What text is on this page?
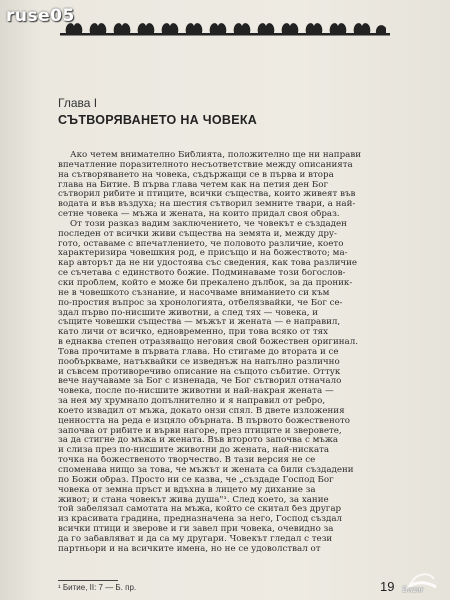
ruse05
Глава I
СЪТВОРЯВАНЕТО НА ЧОВЕКА
Ако четем внимателно Библията, положително ще ни направи
впечатление поразителното несъответствие между описанията
на сътворяването на човека, съдържащи се в първа и втора
глава на Битие. В първа глава четем как на петия ден Бог
сътворил рибите и птиците, всички същества, които живеят във
водата и във въздуха; на шестия сътворил земните твари, а най-
сетне човека — мъжа и жената, на които придал своя образ.
От този разказ вадим заключението, че човекът е създаден
последен от всички живи същества на земята и, между дру-
гото, оставаме с впечатлението, че половото различие, което
характеризира човешкия род, е присъщо и на божеството; ма-
кар авторът да не ни удостоява със сведения, как това различие
се съчетава с единството божие. Подминаваме този богослов-
ски проблем, който е може би прекалено дълбок, за да проник-
не в човешкото съзнание, и насочваме вниманието си към
по-простия въпрос за хронологията, отбелязвайки, че Бог се-
здал първо по-нисшите животни, а след тях — човека, и
същите човешки същества — мъжът и жената — е направил,
като личи от всичко, едновременно, при това всяко от тях
в еднаква степен отразяващо неговия свой божествен оригинал.
Това прочитаме в първата глава. Но стигаме до втората и се
пообъркваме, натъквайки се изведнъж на напълно различно
и съвсем противоречиво описание на същото събитие. Оттук
вече научаваме за Бог с изненада, че Бог сътворил отначало
човека, после по-нисшите животни и най-накрая жената —
за нея му хрумнало допълнително и я направил от ребро,
което извадил от мъжа, докато онзи спял. В двете изложения
ценността на реда е изцяло обърната. В първото божественото
започва от рибите и върви нагоре, през птиците и зверовете,
за да стигне до мъжа и жената. Във второто започва с мъжа
и слиза през по-нисшите животни до жената, най-ниската
точка на божественото творчество. В тази версия не се
споменава нищо за това, че мъжът и жената са били създадени
по Божи образ. Просто ни се казва, че „създаде Господ Бог
човека от земна пръст и вдъхна в лицето му дихание за
живот; и стана човекът жива душа"¹. След което, за хание
той забелязал самотата на мъжа, който се скитал без другар
из красивата градина, предназначена за него, Господ създал
всички птици и зверове и ги завел при човека, очевидно за
да го забавляват и да са му другари. Човекът гледал с тези
партньори и на всичките имена, но не се удоволствал от
¹ Битие, II: 7 — Б. пр.	19 Bazar
